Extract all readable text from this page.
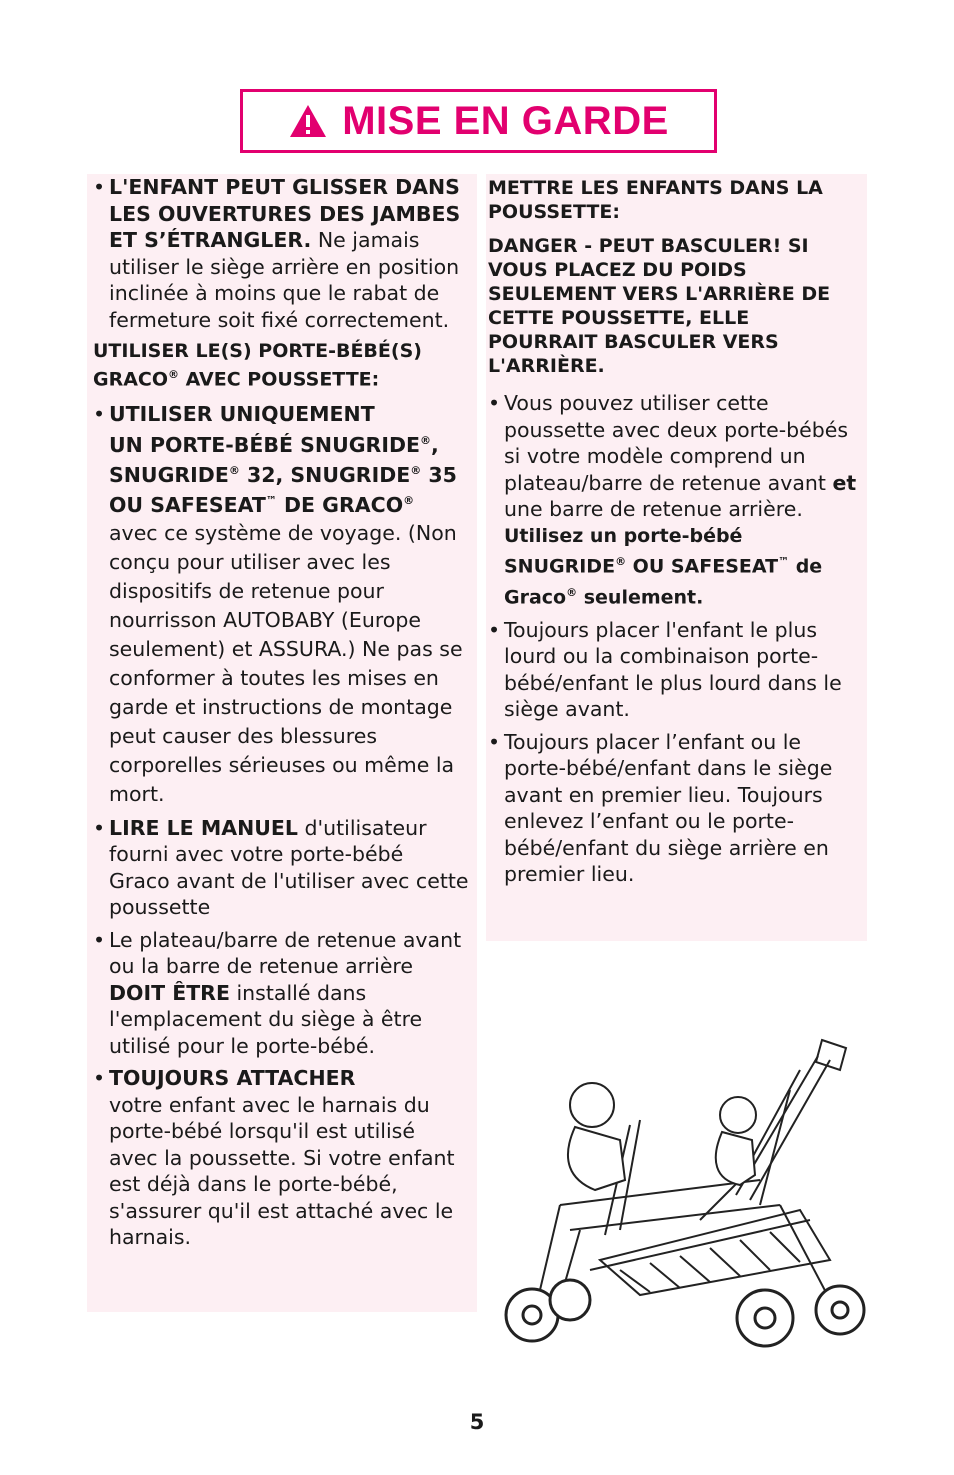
MISE EN GARDE
• L'ENFANT PEUT GLISSER DANS LES OUVERTURES DES JAMBES ET S’ÉTRANGLER. Ne jamais utiliser le siège arrière en position inclinée à moins que le rabat de fermeture soit fixé correctement.

UTILISER LE(S) PORTE-BÉBÉ(S) GRACO® AVEC POUSSETTE:

• UTILISER UNIQUEMENT
UN PORTE-BÉBÉ SNUGRIDE®,
SNUGRIDE® 32, SNUGRIDE® 35
OU SAFESEAT™ DE GRACO®
avec ce système de voyage. (Non conçu pour utiliser avec les dispositifs de retenue pour nourrisson AUTOBABY (Europe seulement) et ASSURA.) Ne pas se conformer à toutes les mises en garde et instructions de montage peut causer des blessures corporelles sérieuses ou même la mort.
• LIRE LE MANUEL d'utilisateur fourni avec votre porte-bébé Graco avant de l'utiliser avec cette poussette
• Le plateau/barre de retenue avant ou la barre de retenue arrière DOIT ÊTRE installé dans l'emplacement du siège à être utilisé pour le porte-bébé.
• TOUJOURS ATTACHER
votre enfant avec le harnais du porte-bébé lorsqu'il est utilisé avec la poussette. Si votre enfant est déjà dans le porte-bébé, s'assurer qu'il est attaché avec le harnais.

METTRE LES ENFANTS DANS LA POUSSETTE:

DANGER - PEUT BASCULER! SI VOUS PLACEZ DU POIDS SEULEMENT VERS L'ARRIÈRE DE CETTE POUSSETTE, ELLE POURRAIT BASCULER VERS L'ARRIÈRE.

• Vous pouvez utiliser cette poussette avec deux porte-bébés si votre modèle comprend un plateau/barre de retenue avant et une barre de retenue arrière.
Utilisez un porte-bébé SNUGRIDE® OU SAFESEAT™ de Graco® seulement.
• Toujours placer l'enfant le plus lourd ou la combinaison porte-bébé/enfant le plus lourd dans le siège avant.
• Toujours placer l’enfant ou le porte-bébé/enfant dans le siège avant en premier lieu. Toujours enlevez l’enfant ou le porte-bébé/enfant du siège arrière en premier lieu.
5
